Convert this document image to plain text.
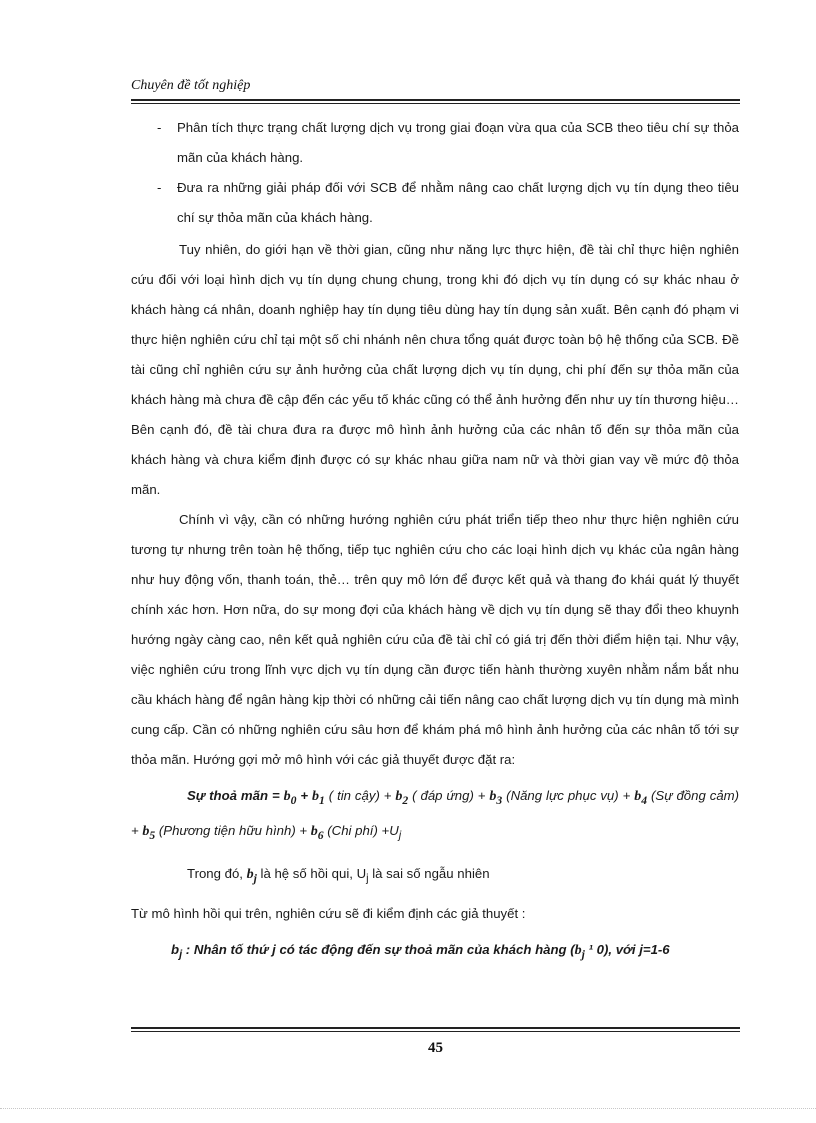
Chuyên đề tốt nghiệp
- Phân tích thực trạng chất lượng dịch vụ trong giai đoạn vừa qua của SCB theo tiêu chí sự thỏa mãn của khách hàng.
- Đưa ra những giải pháp đối với SCB để nhằm nâng cao chất lượng dịch vụ tín dụng theo tiêu chí sự thỏa mãn của khách hàng.

Tuy nhiên, do giới hạn về thời gian, cũng như năng lực thực hiện, đề tài chỉ thực hiện nghiên cứu đối với loại hình dịch vụ tín dụng chung chung, trong khi đó dịch vụ tín dụng có sự khác nhau ở khách hàng cá nhân, doanh nghiệp hay tín dụng tiêu dùng hay tín dụng sản xuất. Bên cạnh đó phạm vi thực hiện nghiên cứu chỉ tại một số chi nhánh nên chưa tổng quát được toàn bộ hệ thống của SCB. Đề tài cũng chỉ nghiên cứu sự ảnh hưởng của chất lượng dịch vụ tín dụng, chi phí đến sự thỏa mãn của khách hàng mà chưa đề cập đến các yếu tố khác cũng có thể ảnh hưởng đến như uy tín thương hiệu… Bên cạnh đó, đề tài chưa đưa ra được mô hình ảnh hưởng của các nhân tố đến sự thỏa mãn của khách hàng và chưa kiểm định được có sự khác nhau giữa nam nữ và thời gian vay về mức độ thỏa mãn.

Chính vì vậy, cần có những hướng nghiên cứu phát triển tiếp theo như thực hiện nghiên cứu tương tự nhưng trên toàn hệ thống, tiếp tục nghiên cứu cho các loại hình dịch vụ khác của ngân hàng như huy động vốn, thanh toán, thẻ… trên quy mô lớn để được kết quả và thang đo khái quát lý thuyết chính xác hơn. Hơn nữa, do sự mong đợi của khách hàng về dịch vụ tín dụng sẽ thay đổi theo khuynh hướng ngày càng cao, nên kết quả nghiên cứu của đề tài chỉ có giá trị đến thời điểm hiện tại. Như vậy, việc nghiên cứu trong lĩnh vực dịch vụ tín dụng cần được tiến hành thường xuyên nhằm nắm bắt nhu cầu khách hàng để ngân hàng kịp thời có những cải tiến nâng cao chất lượng dịch vụ tín dụng mà mình cung cấp. Cần có những nghiên cứu sâu hơn để khám phá mô hình ảnh hưởng của các nhân tố tới sự thỏa mãn. Hướng gợi mở mô hình với các giả thuyết được đặt ra:

Sự thoả mãn = $b_0 + b_1$ ( tin cậy) + $b_2$ ( đáp ứng) + $b_3$ (Năng lực phục vụ) + $b_4$ (Sự đồng cảm) + $b_5$ (Phương tiện hữu hình) + $b_6$ (Chi phí) $+U_j$
Trong đó, $b_j$ là hệ số hồi qui, $U_j$ là sai số ngẫu nhiên
Từ mô hình hồi qui trên, nghiên cứu sẽ đi kiểm định các giả thuyết :
$b_j$ : Nhân tố thứ j có tác động đến sự thoả mãn của khách hàng ($b_j$ ¹ 0), với j=1-6
45
